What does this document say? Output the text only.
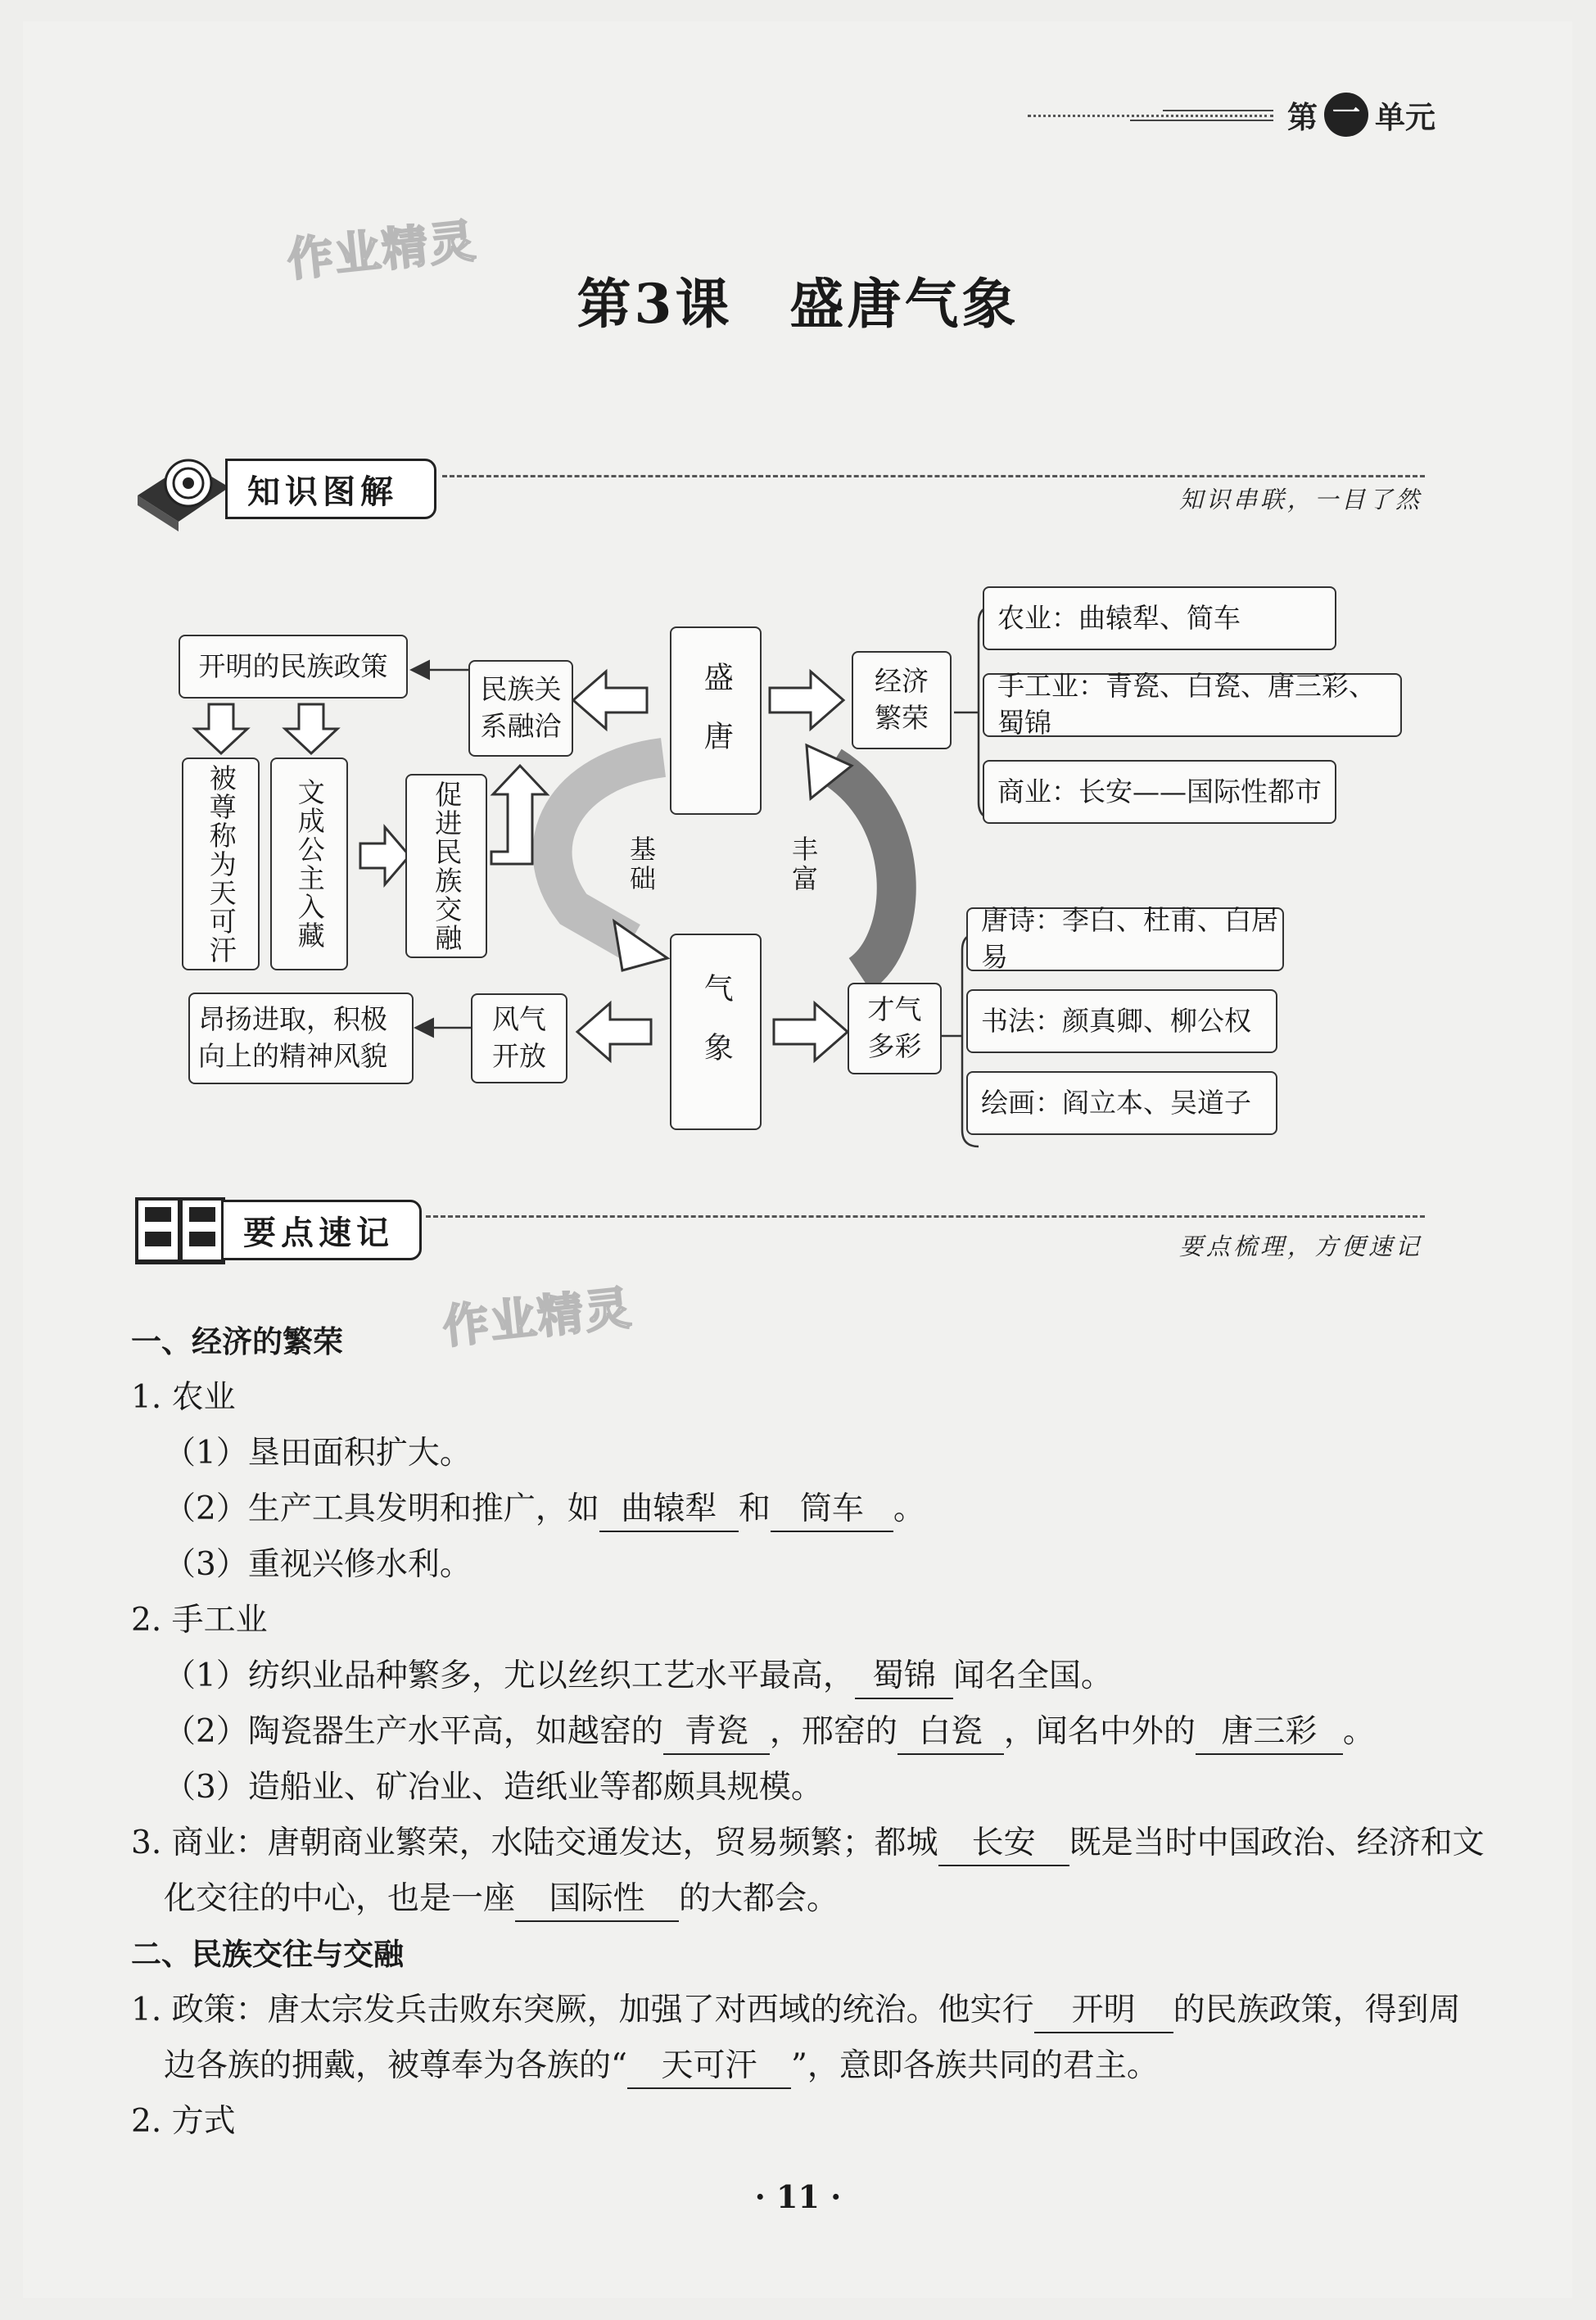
第 一 单元
作业精灵
作业精灵
第3课　盛唐气象
知识图解	知识串联，一目了然
盛唐
气象
基础	丰富
开明的民族政策
被尊称为天可汗	文成公主入藏	促进民族交融
民族关系融洽
经济繁荣
农业：曲辕犁、简车
手工业：青瓷、白瓷、唐三彩、蜀锦
商业：长安——国际性都市
才气多彩
唐诗：李白、杜甫、白居易
书法：颜真卿、柳公权
绘画：阎立本、吴道子
风气开放
昂扬进取，积极向上的精神风貌
要点速记	要点梳理，方便速记
一、经济的繁荣
1. 农业
（1）垦田面积扩大。
（2）生产工具发明和推广，如 曲辕犁 和 筒车 。
（3）重视兴修水利。
2. 手工业
（1）纺织业品种繁多，尤以丝织工艺水平最高， 蜀锦 闻名全国。
（2）陶瓷器生产水平高，如越窑的 青瓷 ，邢窑的 白瓷 ，闻名中外的 唐三彩 。
（3）造船业、矿冶业、造纸业等都颇具规模。
3. 商业：唐朝商业繁荣，水陆交通发达，贸易频繁；都城 长安 既是当时中国政治、经济和文
化交往的中心，也是一座 国际性 的大都会。
二、民族交往与交融
1. 政策：唐太宗发兵击败东突厥，加强了对西域的统治。他实行 开明 的民族政策，得到周
边各族的拥戴，被尊奉为各族的“ 天可汗 ”，意即各族共同的君主。
2. 方式
· 11 ·
